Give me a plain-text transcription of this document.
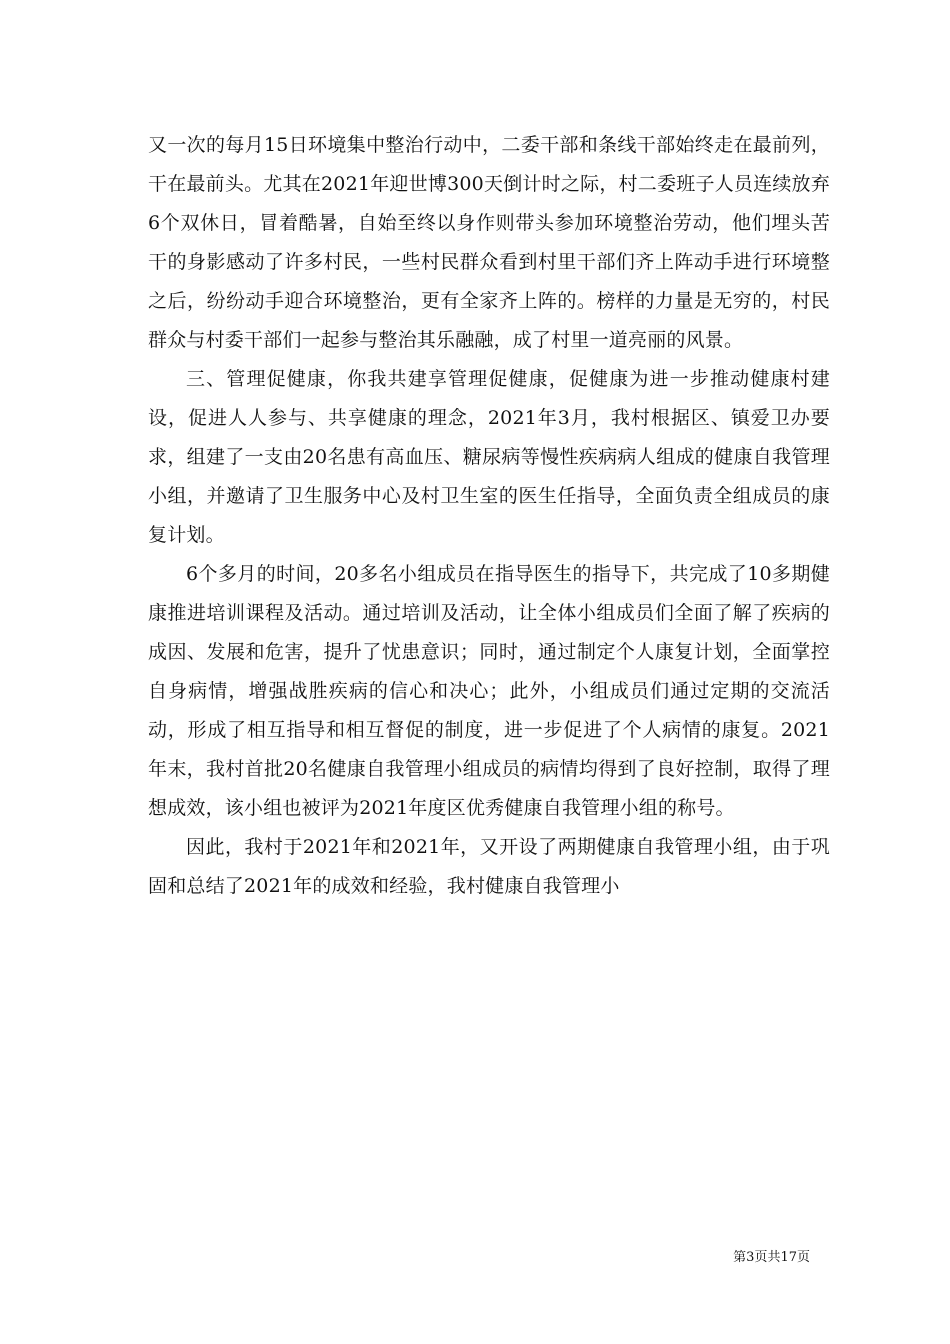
又一次的每月15日环境集中整治行动中，二委干部和条线干部始终走在最前列，干在最前头。尤其在2021年迎世博300天倒计时之际，村二委班子人员连续放弃6个双休日，冒着酷暑，自始至终以身作则带头参加环境整治劳动，他们埋头苦干的身影感动了许多村民，一些村民群众看到村里干部们齐上阵动手进行环境整之后，纷纷动手迎合环境整治，更有全家齐上阵的。榜样的力量是无穷的，村民群众与村委干部们一起参与整治其乐融融，成了村里一道亮丽的风景。

三、管理促健康，你我共建享管理促健康，促健康为进一步推动健康村建设，促进人人参与、共享健康的理念，2021年3月，我村根据区、镇爱卫办要求，组建了一支由20名患有高血压、糖尿病等慢性疾病病人组成的健康自我管理小组，并邀请了卫生服务中心及村卫生室的医生任指导，全面负责全组成员的康复计划。

6个多月的时间，20多名小组成员在指导医生的指导下，共完成了10多期健康推进培训课程及活动。通过培训及活动，让全体小组成员们全面了解了疾病的成因、发展和危害，提升了忧患意识；同时，通过制定个人康复计划，全面掌控自身病情，增强战胜疾病的信心和决心；此外，小组成员们通过定期的交流活动，形成了相互指导和相互督促的制度，进一步促进了个人病情的康复。2021年末，我村首批20名健康自我管理小组成员的病情均得到了良好控制，取得了理想成效，该小组也被评为2021年度区优秀健康自我管理小组的称号。

因此，我村于2021年和2021年，又开设了两期健康自我管理小组，由于巩固和总结了2021年的成效和经验，我村健康自我管理小

第3页共17页
